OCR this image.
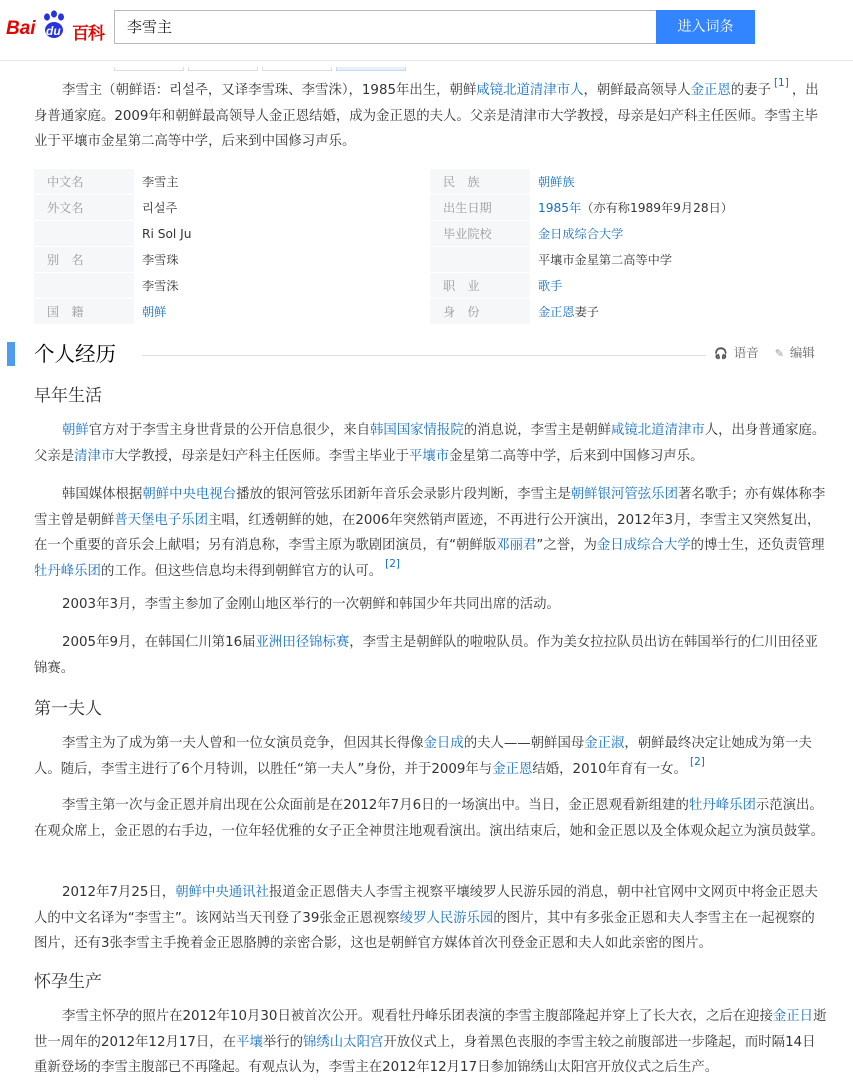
Bai du 百科	李雪主	进入词条

李雪主（朝鲜语：리설주，又译李雪珠、李雪洙），1985年出生，朝鲜咸镜北道清津市人，朝鲜最高领导人金正恩的妻子 [1] ，出身普通家庭。2009年和朝鲜最高领导人金正恩结婚，成为金正恩的夫人。父亲是清津市大学教授，母亲是妇产科主任医师。李雪主毕业于平壤市金星第二高等中学，后来到中国修习声乐。

中文名	李雪主
外文名	리설주
Ri Sol Ju
别　名	李雪珠
李雪洙
国　籍	朝鲜
民　族	朝鲜族
出生日期	1985年（亦有称1989年9月28日）
毕业院校	金日成综合大学
平壤市金星第二高等中学
职　业	歌手
身　份	金正恩妻子
个人经历	🎧 语音 ✎ 编辑
早年生活

朝鲜官方对于李雪主身世背景的公开信息很少，来自韩国国家情报院的消息说，李雪主是朝鲜咸镜北道清津市人，出身普通家庭。父亲是清津市大学教授，母亲是妇产科主任医师。李雪主毕业于平壤市金星第二高等中学，后来到中国修习声乐。

韩国媒体根据朝鲜中央电视台播放的银河管弦乐团新年音乐会录影片段判断，李雪主是朝鲜银河管弦乐团著名歌手；亦有媒体称李雪主曾是朝鲜普天堡电子乐团主唱，红透朝鲜的她，在2006年突然销声匿迹，不再进行公开演出，2012年3月，李雪主又突然复出，在一个重要的音乐会上献唱；另有消息称，李雪主原为歌剧团演员，有“朝鲜版邓丽君”之誉，为金日成综合大学的博士生，还负责管理牡丹峰乐团的工作。但这些信息均未得到朝鲜官方的认可。 [2]

2003年3月，李雪主参加了金刚山地区举行的一次朝鲜和韩国少年共同出席的活动。

2005年9月，在韩国仁川第16届亚洲田径锦标赛，李雪主是朝鲜队的啦啦队员。作为美女拉拉队员出访在韩国举行的仁川田径亚锦赛。

第一夫人

李雪主为了成为第一夫人曾和一位女演员竞争，但因其长得像金日成的夫人——朝鲜国母金正淑，朝鲜最终决定让她成为第一夫人。随后，李雪主进行了6个月特训，以胜任“第一夫人”身份，并于2009年与金正恩结婚，2010年育有一女。 [2]

李雪主第一次与金正恩并肩出现在公众面前是在2012年7月6日的一场演出中。当日，金正恩观看新组建的牡丹峰乐团示范演出。在观众席上，金正恩的右手边，一位年轻优雅的女子正全神贯注地观看演出。演出结束后，她和金正恩以及全体观众起立为演员鼓掌。

2012年7月25日，朝鲜中央通讯社报道金正恩偕夫人李雪主视察平壤绫罗人民游乐园的消息，朝中社官网中文网页中将金正恩夫人的中文名译为“李雪主”。该网站当天刊登了39张金正恩视察绫罗人民游乐园的图片，其中有多张金正恩和夫人李雪主在一起视察的图片，还有3张李雪主手挽着金正恩胳膊的亲密合影，这也是朝鲜官方媒体首次刊登金正恩和夫人如此亲密的图片。

怀孕生产

李雪主怀孕的照片在2012年10月30日被首次公开。观看牡丹峰乐团表演的李雪主腹部隆起并穿上了长大衣，之后在迎接金正日逝世一周年的2012年12月17日，在平壤举行的锦绣山太阳宫开放仪式上，身着黑色丧服的李雪主较之前腹部进一步隆起，而时隔14日重新登场的李雪主腹部已不再隆起。有观点认为，李雪主在2012年12月17日参加锦绣山太阳宫开放仪式之后生产。
